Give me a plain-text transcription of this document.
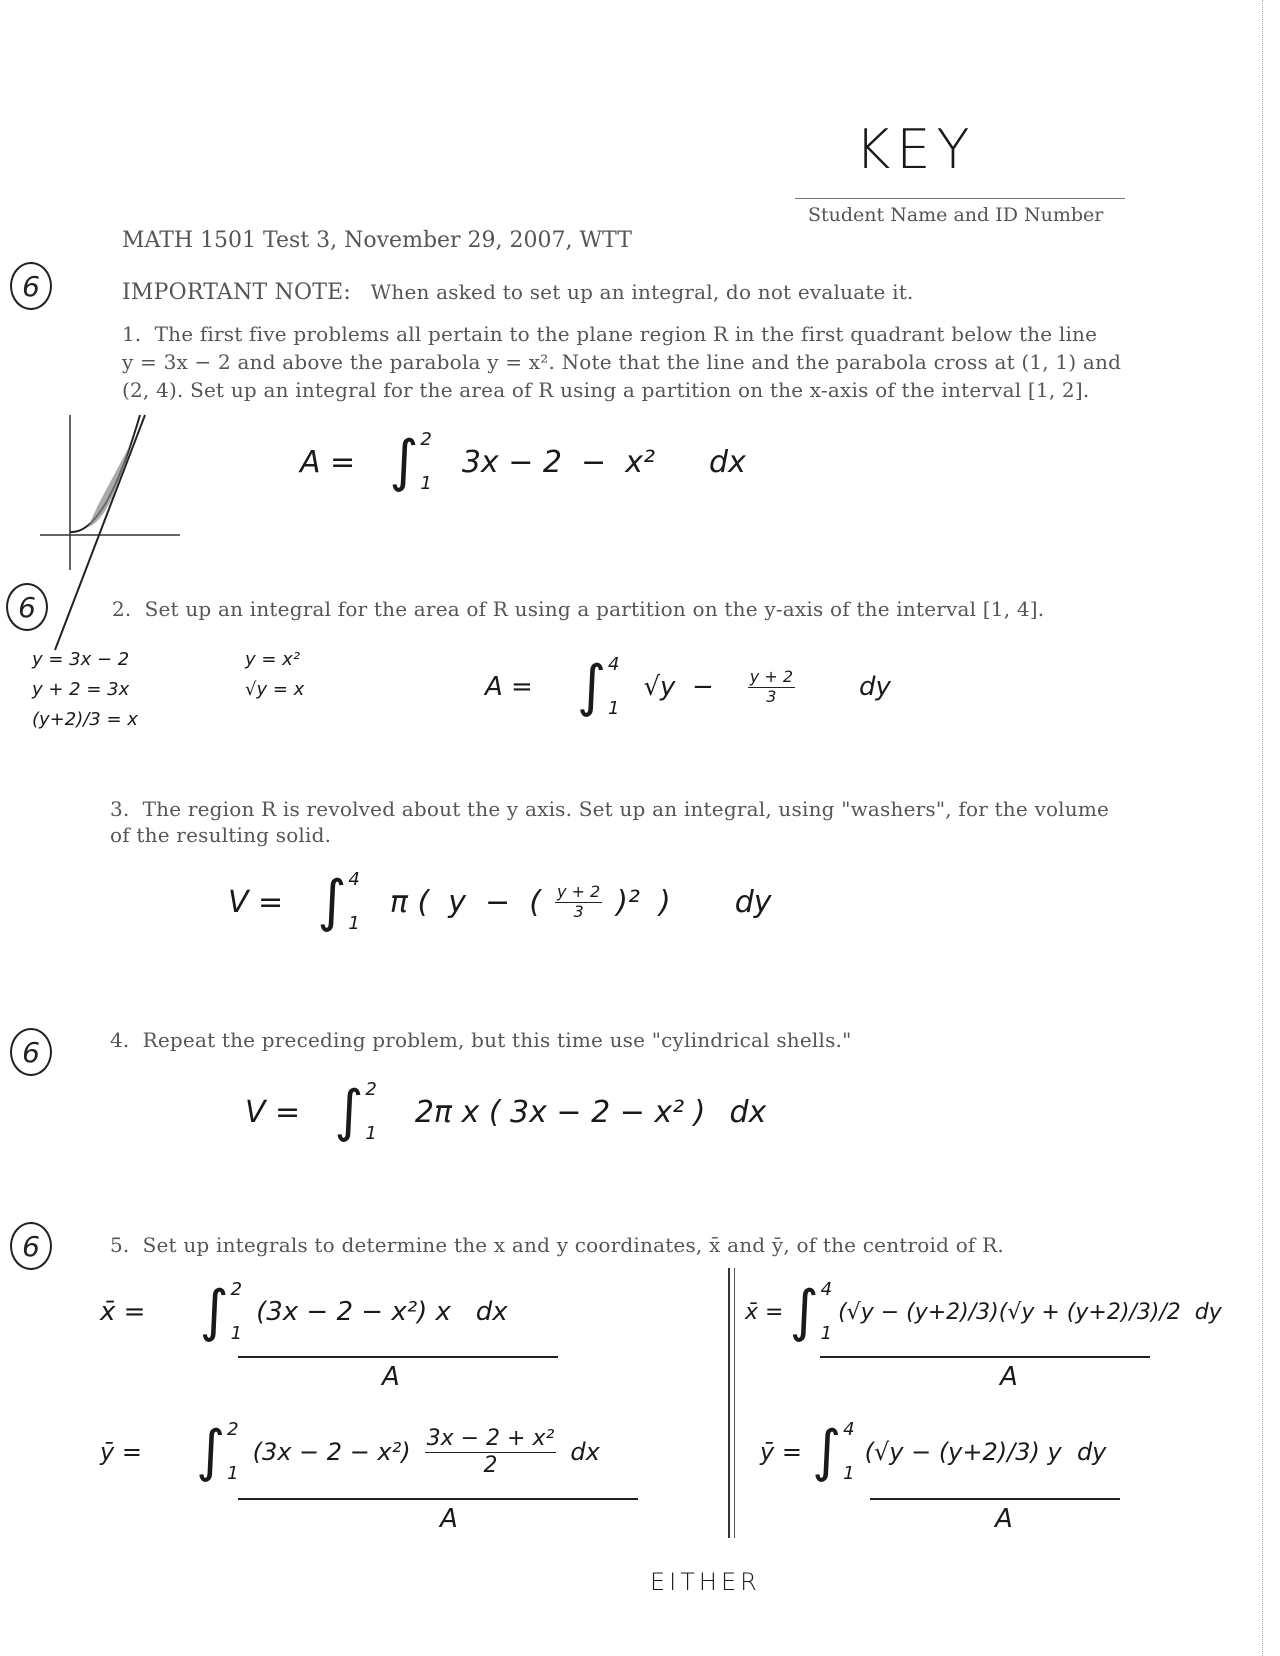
KEY
Student Name and ID Number
MATH 1501 Test 3, November 29, 2007, WTT
6	IMPORTANT NOTE: When asked to set up an integral, do not evaluate it.
1. The first five problems all pertain to the plane region R in the first quadrant below the line
y = 3x − 2 and above the parabola y = x². Note that the line and the parabola cross at (1, 1) and
(2, 4). Set up an integral for the area of R using a partition on the x-axis of the interval [1, 2].
A = ∫ 2
1
3x − 2  −  x² dx
6	2. Set up an integral for the area of R using a partition on the y-axis of the interval [1, 4].
y = 3x − 2
y + 2 = 3x
(y+2)/3 = x
y = x²
√y = x	A = ∫ 4
1
$√y - \frac{y + 2}{3}$ dy
3. The region R is revolved about the y axis. Set up an integral, using "washers", for the volume
of the resulting solid.
V = ∫ 4
1
π (  y  −  ( $\frac{y + 2}{3} )^2$  ) dy
6	4. Repeat the preceding problem, but this time use "cylindrical shells."
V = ∫ 2
1
2π x ( 3x − 2 − x² ) dx
6	5. Set up integrals to determine the x and y coordinates, x̄ and ȳ, of the centroid of R.
x̄ = ∫ 2
1
(3x − 2 − x²) x   dx
A
ȳ = ∫ 2
1
$(3x - 2 - x^2) \frac{\text{3x − 2 + x²}}{2}$ dx
A
x̄ = ∫ 4
1
(√y − (y+2)/3)(√y + (y+2)/3)/2  dy
A
ȳ = ∫ 4
1
(√y − (y+2)/3) y  dy
A
EITHER
